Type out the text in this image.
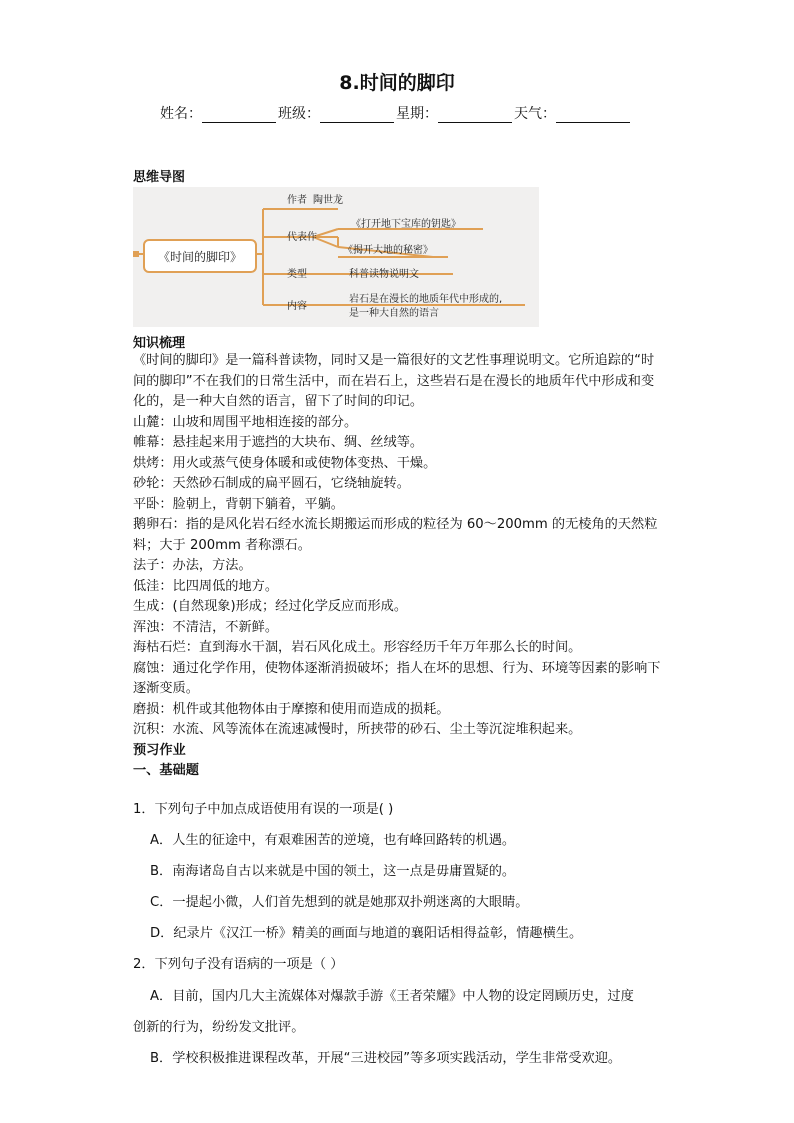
8.时间的脚印
姓名：	班级：	星期：	天气：
思维导图
《时间的脚印》
作者 陶世龙
代表作
《打开地下宝库的钥匙》
《揭开大地的秘密》
类型	科普读物说明文
内容
岩石是在漫长的地质年代中形成的,
是一种大自然的语言
知识梳理

《时间的脚印》是一篇科普读物，同时又是一篇很好的文艺性事理说明文。它所追踪的“时间的脚印”不在我们的日常生活中，而在岩石上，这些岩石是在漫长的地质年代中形成和变化的，是一种大自然的语言，留下了时间的印记。

山麓：山坡和周围平地相连接的部分。

帷幕：悬挂起来用于遮挡的大块布、绸、丝绒等。

烘烤：用火或蒸气使身体暖和或使物体变热、干燥。

砂轮：天然砂石制成的扁平圆石，它绕轴旋转。

平卧：脸朝上，背朝下躺着，平躺。

鹅卵石：指的是风化岩石经水流长期搬运而形成的粒径为 60～200mm 的无棱角的天然粒料；大于 200mm 者称漂石。

法子：办法，方法。

低洼：比四周低的地方。

生成：(自然现象)形成；经过化学反应而形成。

浑浊：不清洁，不新鲜。

海枯石烂：直到海水干涸，岩石风化成土。形容经历千年万年那么长的时间。

腐蚀：通过化学作用，使物体逐渐消损破坏；指人在坏的思想、行为、环境等因素的影响下逐渐变质。

磨损：机件或其他物体由于摩擦和使用而造成的损耗。

沉积：水流、风等流体在流速减慢时，所挟带的砂石、尘土等沉淀堆积起来。

预习作业

一、基础题

1．下列句子中加点成语使用有误的一项是( )
A．人生的征途中，有艰难困苦的逆境，也有峰回路转的机遇。
B．南海诸岛自古以来就是中国的领土，这一点是毋庸置疑的。
C．一提起小微，人们首先想到的就是她那双扑朔迷离的大眼睛。
D．纪录片《汉江一桥》精美的画面与地道的襄阳话相得益彰，情趣横生。
2．下列句子没有语病的一项是（ ）
A．目前，国内几大主流媒体对爆款手游《王者荣耀》中人物的设定罔顾历史，过度
创新的行为，纷纷发文批评。
B．学校积极推进课程改革，开展“三进校园”等多项实践活动，学生非常受欢迎。
